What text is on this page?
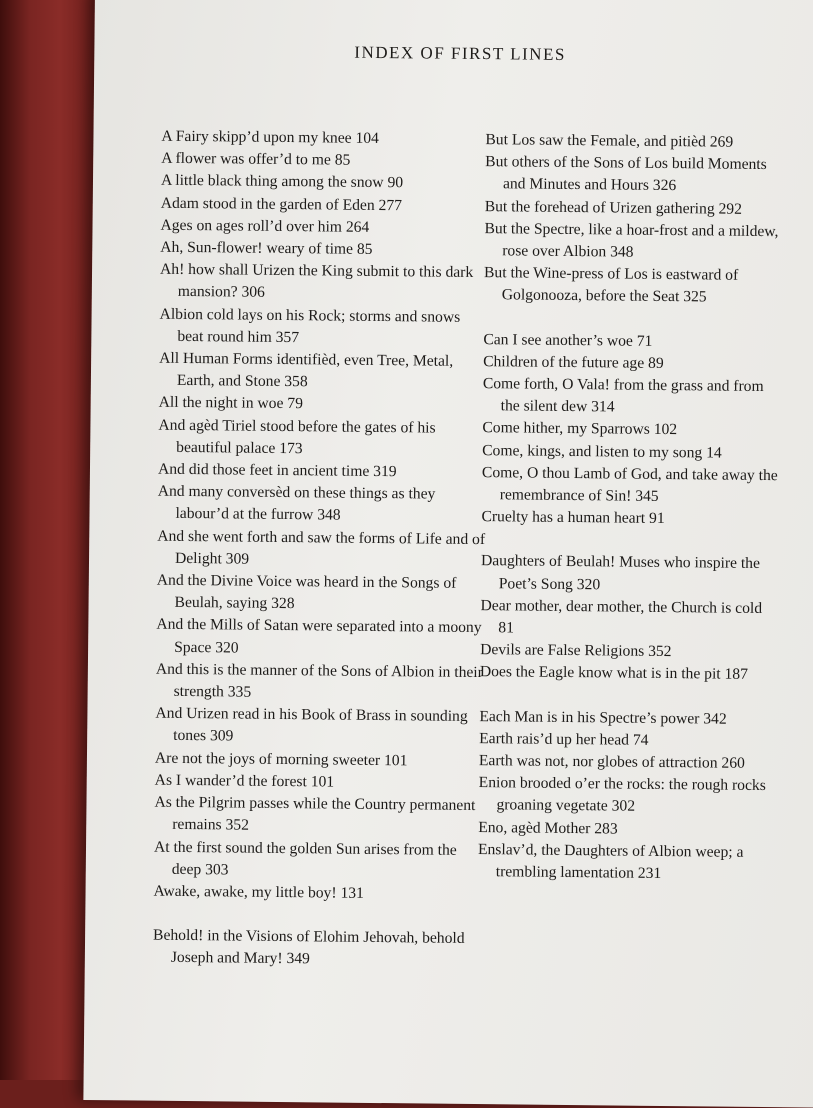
INDEX OF FIRST LINES

A Fairy skipp’d upon my knee 104

A flower was offer’d to me 85

A little black thing among the snow 90

Adam stood in the garden of Eden 277

Ages on ages roll’d over him 264

Ah, Sun-flower! weary of time 85

Ah! how shall Urizen the King submit to this dark mansion? 306

Albion cold lays on his Rock; storms and snows beat round him 357

All Human Forms identifièd, even Tree, Metal, Earth, and Stone 358

All the night in woe 79

And agèd Tiriel stood before the gates of his beautiful palace 173

And did those feet in ancient time 319

And many conversèd on these things as they labour’d at the furrow 348

And she went forth and saw the forms of Life and of Delight 309

And the Divine Voice was heard in the Songs of Beulah, saying 328

And the Mills of Satan were separated into a moony Space 320

And this is the manner of the Sons of Albion in their strength 335

And Urizen read in his Book of Brass in sounding tones 309

Are not the joys of morning sweeter 101

As I wander’d the forest 101

As the Pilgrim passes while the Country permanent remains 352

At the first sound the golden Sun arises from the deep 303

Awake, awake, my little boy! 131

Behold! in the Visions of Elohim Jehovah, behold Joseph and Mary! 349

But Los saw the Female, and pitièd 269

But others of the Sons of Los build Moments and Minutes and Hours 326

But the forehead of Urizen gathering 292

But the Spectre, like a hoar-frost and a mildew, rose over Albion 348

But the Wine-press of Los is eastward of Golgonooza, before the Seat 325

Can I see another’s woe 71

Children of the future age 89

Come forth, O Vala! from the grass and from the silent dew 314

Come hither, my Sparrows 102

Come, kings, and listen to my song 14

Come, O thou Lamb of God, and take away the remembrance of Sin! 345

Cruelty has a human heart 91

Daughters of Beulah! Muses who inspire the Poet’s Song 320

Dear mother, dear mother, the Church is cold 81

Devils are False Religions 352

Does the Eagle know what is in the pit 187

Each Man is in his Spectre’s power 342

Earth rais’d up her head 74

Earth was not, nor globes of attraction 260

Enion brooded o’er the rocks: the rough rocks groaning vegetate 302

Eno, agèd Mother 283

Enslav’d, the Daughters of Albion weep; a trembling lamentation 231
